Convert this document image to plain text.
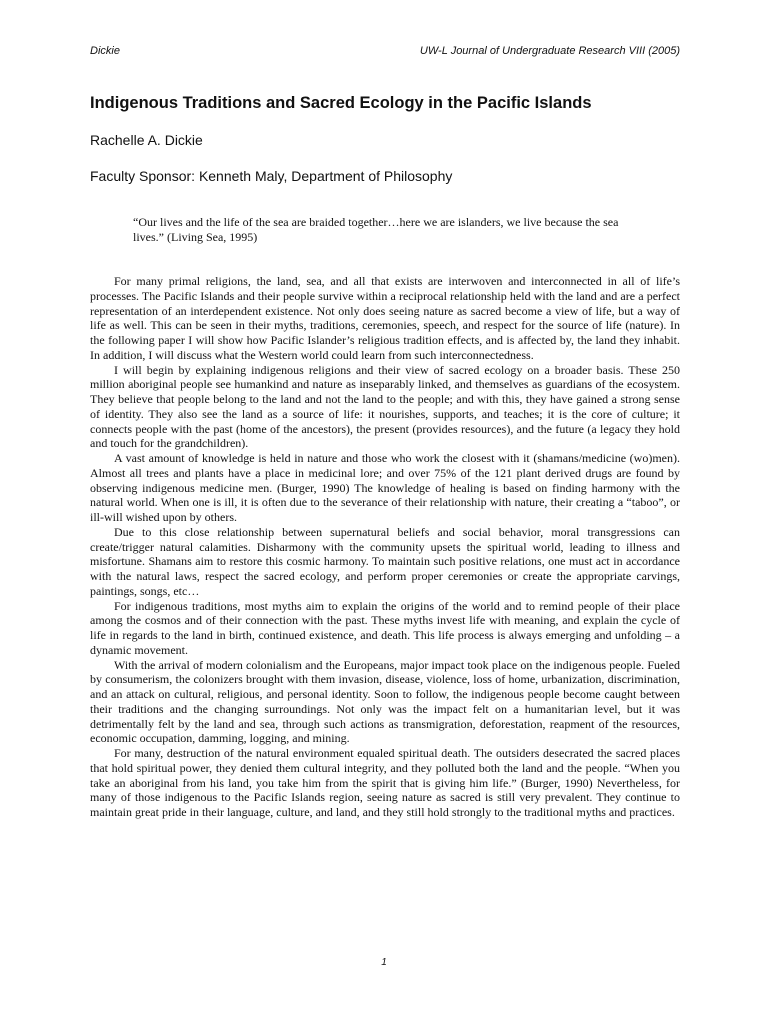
Dickie	UW-L Journal of Undergraduate Research VIII (2005)
Indigenous Traditions and Sacred Ecology in the Pacific Islands

Rachelle A. Dickie

Faculty Sponsor: Kenneth Maly, Department of Philosophy

“Our lives and the life of the sea are braided together…here we are islanders, we live because the sea lives.” (Living Sea, 1995)

For many primal religions, the land, sea, and all that exists are interwoven and interconnected in all of life’s processes. The Pacific Islands and their people survive within a reciprocal relationship held with the land and are a perfect representation of an interdependent existence. Not only does seeing nature as sacred become a view of life, but a way of life as well. This can be seen in their myths, traditions, ceremonies, speech, and respect for the source of life (nature). In the following paper I will show how Pacific Islander’s religious tradition effects, and is affected by, the land they inhabit. In addition, I will discuss what the Western world could learn from such interconnectedness.

I will begin by explaining indigenous religions and their view of sacred ecology on a broader basis. These 250 million aboriginal people see humankind and nature as inseparably linked, and themselves as guardians of the ecosystem. They believe that people belong to the land and not the land to the people; and with this, they have gained a strong sense of identity. They also see the land as a source of life: it nourishes, supports, and teaches; it is the core of culture; it connects people with the past (home of the ancestors), the present (provides resources), and the future (a legacy they hold and touch for the grandchildren).

A vast amount of knowledge is held in nature and those who work the closest with it (shamans/medicine (wo)men). Almost all trees and plants have a place in medicinal lore; and over 75% of the 121 plant derived drugs are found by observing indigenous medicine men. (Burger, 1990) The knowledge of healing is based on finding harmony with the natural world. When one is ill, it is often due to the severance of their relationship with nature, their creating a “taboo”, or ill-will wished upon by others.

Due to this close relationship between supernatural beliefs and social behavior, moral transgressions can create/trigger natural calamities. Disharmony with the community upsets the spiritual world, leading to illness and misfortune. Shamans aim to restore this cosmic harmony. To maintain such positive relations, one must act in accordance with the natural laws, respect the sacred ecology, and perform proper ceremonies or create the appropriate carvings, paintings, songs, etc…

For indigenous traditions, most myths aim to explain the origins of the world and to remind people of their place among the cosmos and of their connection with the past. These myths invest life with meaning, and explain the cycle of life in regards to the land in birth, continued existence, and death. This life process is always emerging and unfolding – a dynamic movement.

With the arrival of modern colonialism and the Europeans, major impact took place on the indigenous people. Fueled by consumerism, the colonizers brought with them invasion, disease, violence, loss of home, urbanization, discrimination, and an attack on cultural, religious, and personal identity. Soon to follow, the indigenous people become caught between their traditions and the changing surroundings. Not only was the impact felt on a humanitarian level, but it was detrimentally felt by the land and sea, through such actions as transmigration, deforestation, reapment of the resources, economic occupation, damming, logging, and mining.

For many, destruction of the natural environment equaled spiritual death. The outsiders desecrated the sacred places that hold spiritual power, they denied them cultural integrity, and they polluted both the land and the people. “When you take an aboriginal from his land, you take him from the spirit that is giving him life.” (Burger, 1990) Nevertheless, for many of those indigenous to the Pacific Islands region, seeing nature as sacred is still very prevalent. They continue to maintain great pride in their language, culture, and land, and they still hold strongly to the traditional myths and practices.

1
